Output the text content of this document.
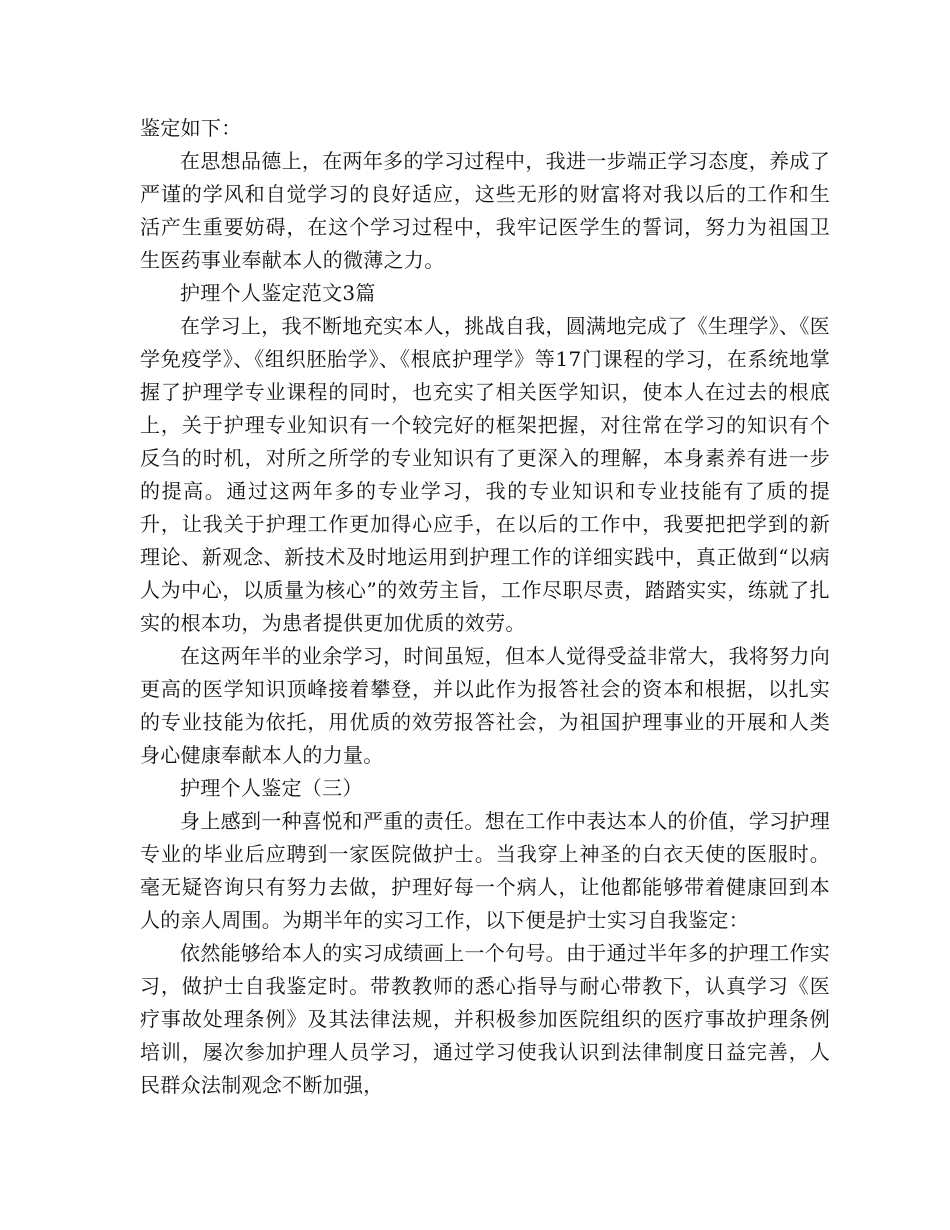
鉴定如下：

在思想品德上，在两年多的学习过程中，我进一步端正学习态度，养成了严谨的学风和自觉学习的良好适应，这些无形的财富将对我以后的工作和生活产生重要妨碍，在这个学习过程中，我牢记医学生的誓词，努力为祖国卫生医药事业奉献本人的微薄之力。

护理个人鉴定范文3篇

在学习上，我不断地充实本人，挑战自我，圆满地完成了《生理学》、《医学免疫学》、《组织胚胎学》、《根底护理学》等17门课程的学习，在系统地掌握了护理学专业课程的同时，也充实了相关医学知识，使本人在过去的根底上，关于护理专业知识有一个较完好的框架把握，对往常在学习的知识有个反刍的时机，对所之所学的专业知识有了更深入的理解，本身素养有进一步的提高。通过这两年多的专业学习，我的专业知识和专业技能有了质的提升，让我关于护理工作更加得心应手，在以后的工作中，我要把把学到的新理论、新观念、新技术及时地运用到护理工作的详细实践中，真正做到“以病人为中心，以质量为核心”的效劳主旨，工作尽职尽责，踏踏实实，练就了扎实的根本功，为患者提供更加优质的效劳。

在这两年半的业余学习，时间虽短，但本人觉得受益非常大，我将努力向更高的医学知识顶峰接着攀登，并以此作为报答社会的资本和根据，以扎实的专业技能为依托，用优质的效劳报答社会，为祖国护理事业的开展和人类身心健康奉献本人的力量。

护理个人鉴定（三）

身上感到一种喜悦和严重的责任。想在工作中表达本人的价值，学习护理专业的毕业后应聘到一家医院做护士。当我穿上神圣的白衣天使的医服时。毫无疑咨询只有努力去做，护理好每一个病人，让他都能够带着健康回到本人的亲人周围。为期半年的实习工作，以下便是护士实习自我鉴定：

依然能够给本人的实习成绩画上一个句号。由于通过半年多的护理工作实习，做护士自我鉴定时。带教教师的悉心指导与耐心带教下，认真学习《医疗事故处理条例》及其法律法规，并积极参加医院组织的医疗事故护理条例培训，屡次参加护理人员学习，通过学习使我认识到法律制度日益完善，人民群众法制观念不断加强，
